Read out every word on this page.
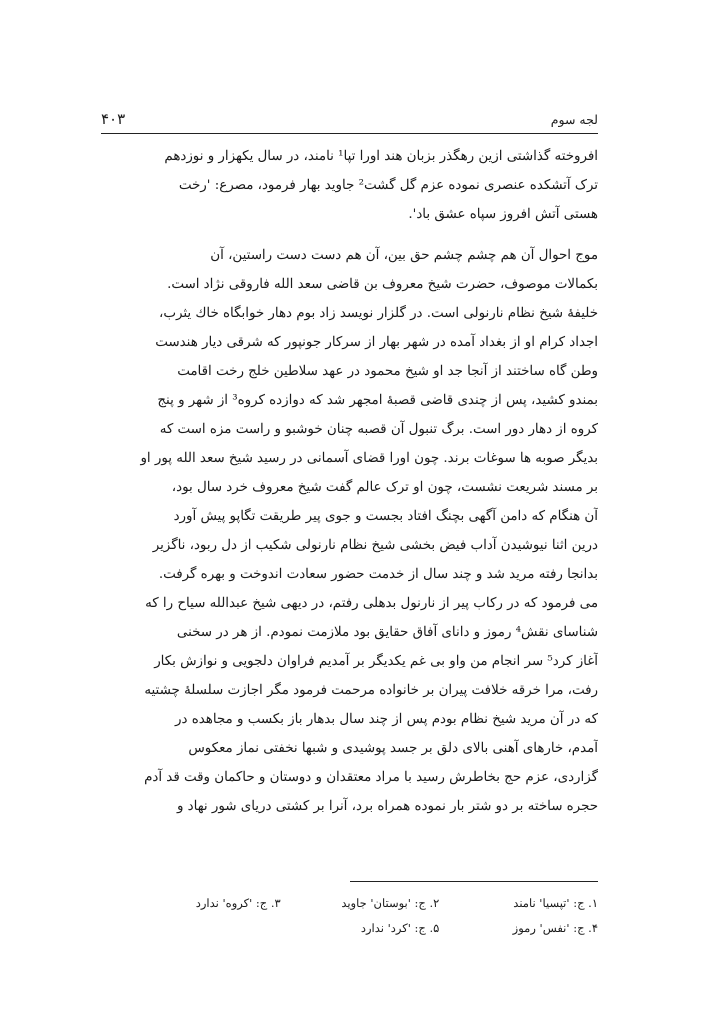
۴۰۳	لجه سوم
افروخته گذاشتی ازین رهگذر بزبان هند اورا تپا¹ نامند، در سال یکهزار و نوزدهم
ترک آتشکده عنصری نموده عزم گل گشت² جاوید بهار فرمود، مصرع: 'رخت
هستی آتش افروز سپاه عشق باد'.
موج احوال آن هم چشم چشم حق بین، آن هم دست دست راستین، آن
بکمالات موصوف، حضرت شیخ معروف بن قاضی سعد الله فاروقی نژاد است.
خلیفهٔ شیخ نظام نارنولی است. در گلزار نویسد زاد بوم دهار خوابگاه خاك یثرب،
اجداد کرام او از بغداد آمده در شهر بهار از سرکار جونپور که شرقی دیار هندست
وطن گاه ساختند از آنجا جد او شیخ محمود در عهد سلاطین خلج رخت اقامت
بمندو کشید، پس از چندی قاضی قصبهٔ امجهر شد که دوازده کروه³ از شهر و پنج
کروه از دهار دور است. برگ تنبول آن قصبه چنان خوشبو و راست مزه است که
بدیگر صوبه ها سوغات برند. چون اورا قضای آسمانی در رسید شیخ سعد الله پور او
بر مسند شریعت نشست، چون او ترک عالم گفت شیخ معروف خرد سال بود،
آن هنگام که دامن آگهی بچنگ افتاد بجست و جوی پیر طریقت تگاپو پیش آورد
درین اثنا نیوشیدن آداب فیض بخشی شیخ نظام نارنولی شکیب از دل ربود، ناگزیر
بدانجا رفته مرید شد و چند سال از خدمت حضور سعادت اندوخت و بهره گرفت.
می فرمود که در رکاب پیر از نارنول بدهلی رفتم، در دیهی شیخ عبدالله سیاح را که
شناسای نقش⁴ رموز و دانای آفاق حقایق بود ملازمت نمودم. از هر در سخنی
آغاز کرد⁵ سر انجام من واو بی غم یکدیگر بر آمدیم فراوان دلجویی و نوازش بکار
رفت، مرا خرقه خلافت پیران بر خانواده مرحمت فرمود مگر اجازت سلسلهٔ چشتیه
که در آن مرید شیخ نظام بودم پس از چند سال بدهار باز بکسب و مجاهده در
آمدم، خارهای آهنی بالای دلق بر جسد پوشیدی و شبها نخفتی نماز معکوس
گزاردی، عزم حج بخاطرش رسید با مراد معتقدان و دوستان و حاکمان وقت قد آدم
حجره ساخته بر دو شتر بار نموده همراه برد، آنرا بر کشتی دریای شور نهاد و
۱. ج: 'تپسیا' نامند ۲. ج: 'بوستان' جاوید ۳. ج: 'کروه' ندارد
۴. ج: 'نفس' رموز ۵. ج: 'کرد' ندارد
